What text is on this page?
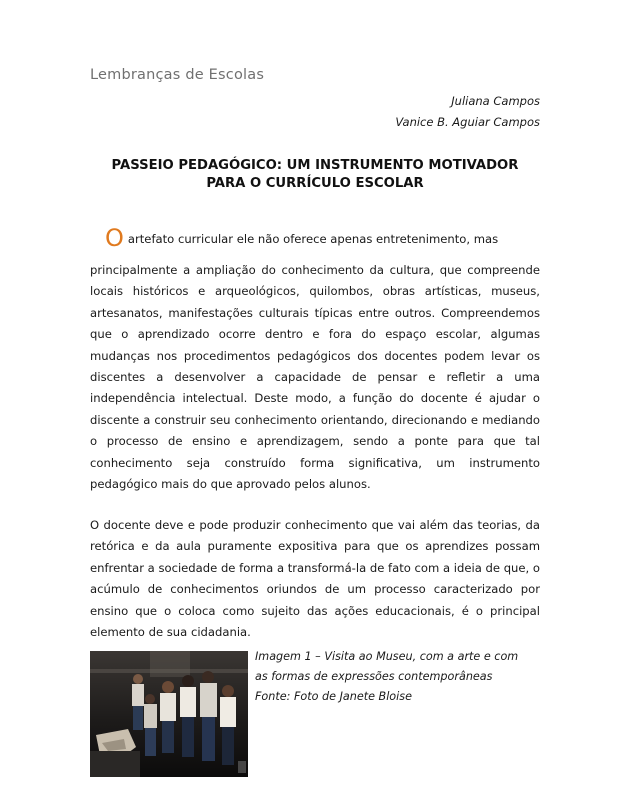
Lembranças de Escolas
Juliana Campos
Vanice B. Aguiar Campos
PASSEIO PEDAGÓGICO: UM INSTRUMENTO MOTIVADOR
PARA O CURRÍCULO ESCOLAR
Oartefato curricular ele não oferece apenas entretenimento, mas
principalmente a ampliação do conhecimento da cultura, que compreende locais históricos e arqueológicos, quilombos, obras artísticas, museus, artesanatos, manifestações culturais típicas entre outros. Compreendemos que o aprendizado ocorre dentro e fora do espaço escolar, algumas mudanças nos procedimentos pedagógicos dos docentes podem levar os discentes a desenvolver a capacidade de pensar e refletir a uma independência intelectual. Deste modo, a função do docente é ajudar o discente a construir seu conhecimento orientando, direcionando e mediando o processo de ensino e aprendizagem, sendo a ponte para que tal conhecimento seja construído forma significativa, um instrumento pedagógico mais do que aprovado pelos alunos.
O docente deve e pode produzir conhecimento que vai além das teorias, da retórica e da aula puramente expositiva para que os aprendizes possam enfrentar a sociedade de forma a transformá-la de fato com a ideia de que, o acúmulo de conhecimentos oriundos de um processo caracterizado por ensino que o coloca como sujeito das ações educacionais, é o principal elemento de sua cidadania.
Imagem 1 – Visita ao Museu, com a arte e com
as formas de expressões contemporâneas
Fonte: Foto de Janete Bloise
